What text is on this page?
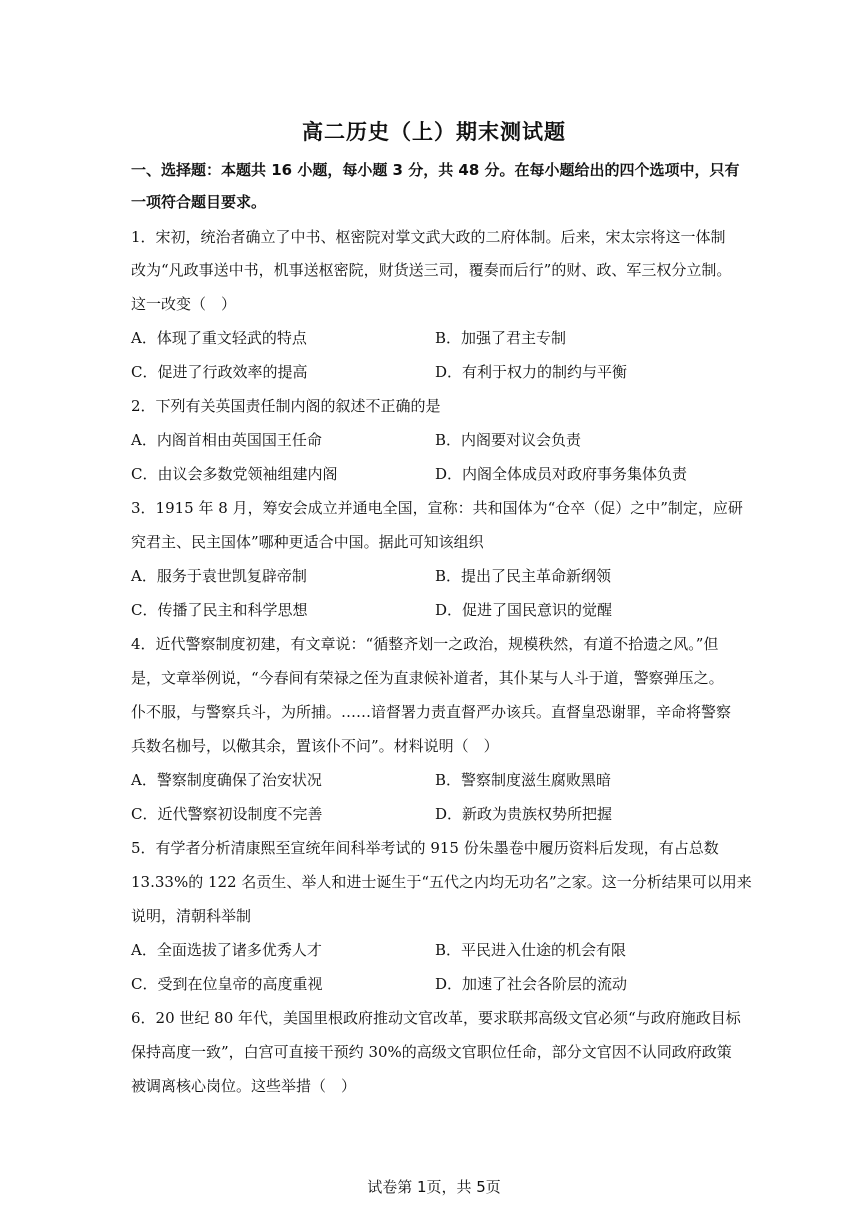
高二历史（上）期末测试题
一、选择题：本题共 16 小题，每小题 3 分，共 48 分。在每小题给出的四个选项中，只有
一项符合题目要求。
1．宋初，统治者确立了中书、枢密院对掌文武大政的二府体制。后来，宋太宗将这一体制
改为“凡政事送中书，机事送枢密院，财货送三司，覆奏而后行”的财、政、军三权分立制。
这一改变（　）
A．体现了重文轻武的特点	B．加强了君主专制
C．促进了行政效率的提高	D．有利于权力的制约与平衡
2．下列有关英国责任制内阁的叙述不正确的是
A．内阁首相由英国国王任命	B．内阁要对议会负责
C．由议会多数党领袖组建内阁	D．内阁全体成员对政府事务集体负责
3．1915 年 8 月，筹安会成立并通电全国，宣称：共和国体为“仓卒（促）之中”制定，应研
究君主、民主国体”哪种更适合中国。据此可知该组织
A．服务于袁世凯复辟帝制	B．提出了民主革命新纲领
C．传播了民主和科学思想	D．促进了国民意识的觉醒
4．近代警察制度初建，有文章说：“循整齐划一之政治，规模秩然，有道不拾遗之风。”但
是，文章举例说，“今春间有荣禄之侄为直隶候补道者，其仆某与人斗于道，警察弹压之。
仆不服，与警察兵斗，为所捕。……谙督署力责直督严办该兵。直督皇恐谢罪，辛命将警察
兵数名枷号，以儆其余，置该仆不问”。材料说明（　）
A．警察制度确保了治安状况	B．警察制度滋生腐败黑暗
C．近代警察初设制度不完善	D．新政为贵族权势所把握
5．有学者分析清康熙至宣统年间科举考试的 915 份朱墨卷中履历资料后发现，有占总数
13.33%的 122 名贡生、举人和进士诞生于“五代之内均无功名”之家。这一分析结果可以用来
说明，清朝科举制
A．全面选拔了诸多优秀人才	B．平民进入仕途的机会有限
C．受到在位皇帝的高度重视	D．加速了社会各阶层的流动
6．20 世纪 80 年代，美国里根政府推动文官改革，要求联邦高级文官必须“与政府施政目标
保持高度一致”，白宫可直接干预约 30%的高级文官职位任命，部分文官因不认同政府政策
被调离核心岗位。这些举措（　）
试卷第 1页，共 5页
